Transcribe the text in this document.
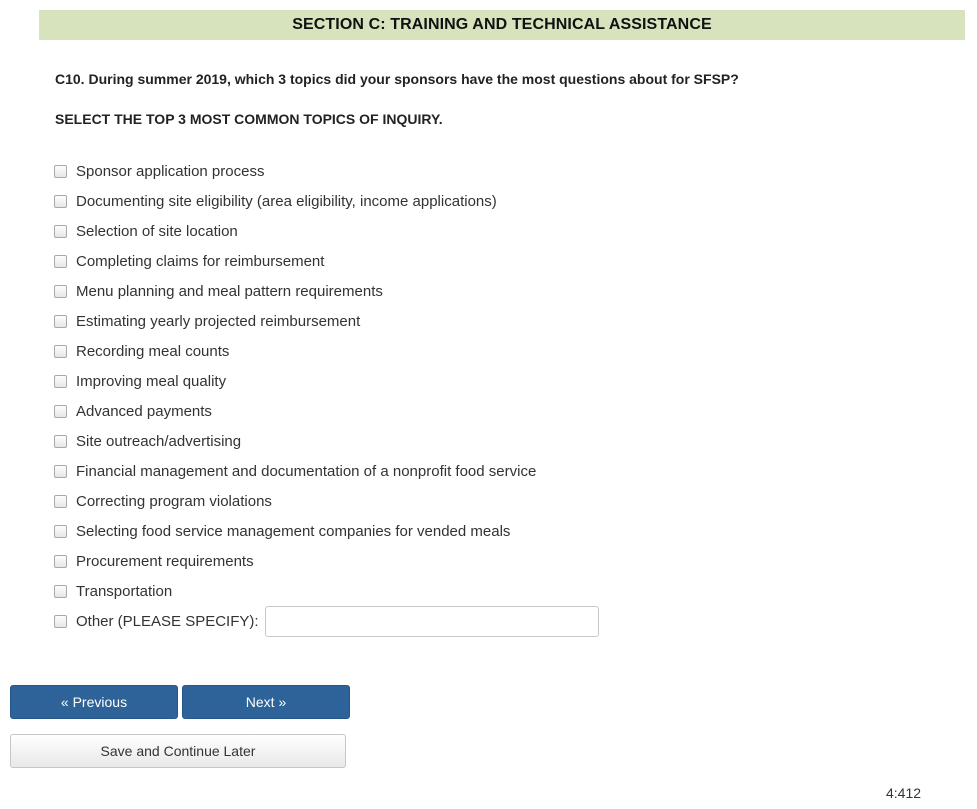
SECTION C: TRAINING AND TECHNICAL ASSISTANCE
C10. During summer 2019, which 3 topics did your sponsors have the most questions about for SFSP?
SELECT THE TOP 3 MOST COMMON TOPICS OF INQUIRY.
Sponsor application process
Documenting site eligibility (area eligibility, income applications)
Selection of site location
Completing claims for reimbursement
Menu planning and meal pattern requirements
Estimating yearly projected reimbursement
Recording meal counts
Improving meal quality
Advanced payments
Site outreach/advertising
Financial management and documentation of a nonprofit food service
Correcting program violations
Selecting food service management companies for vended meals
Procurement requirements
Transportation
Other (PLEASE SPECIFY):
« Previous	Next »
Save and Continue Later
4:412
